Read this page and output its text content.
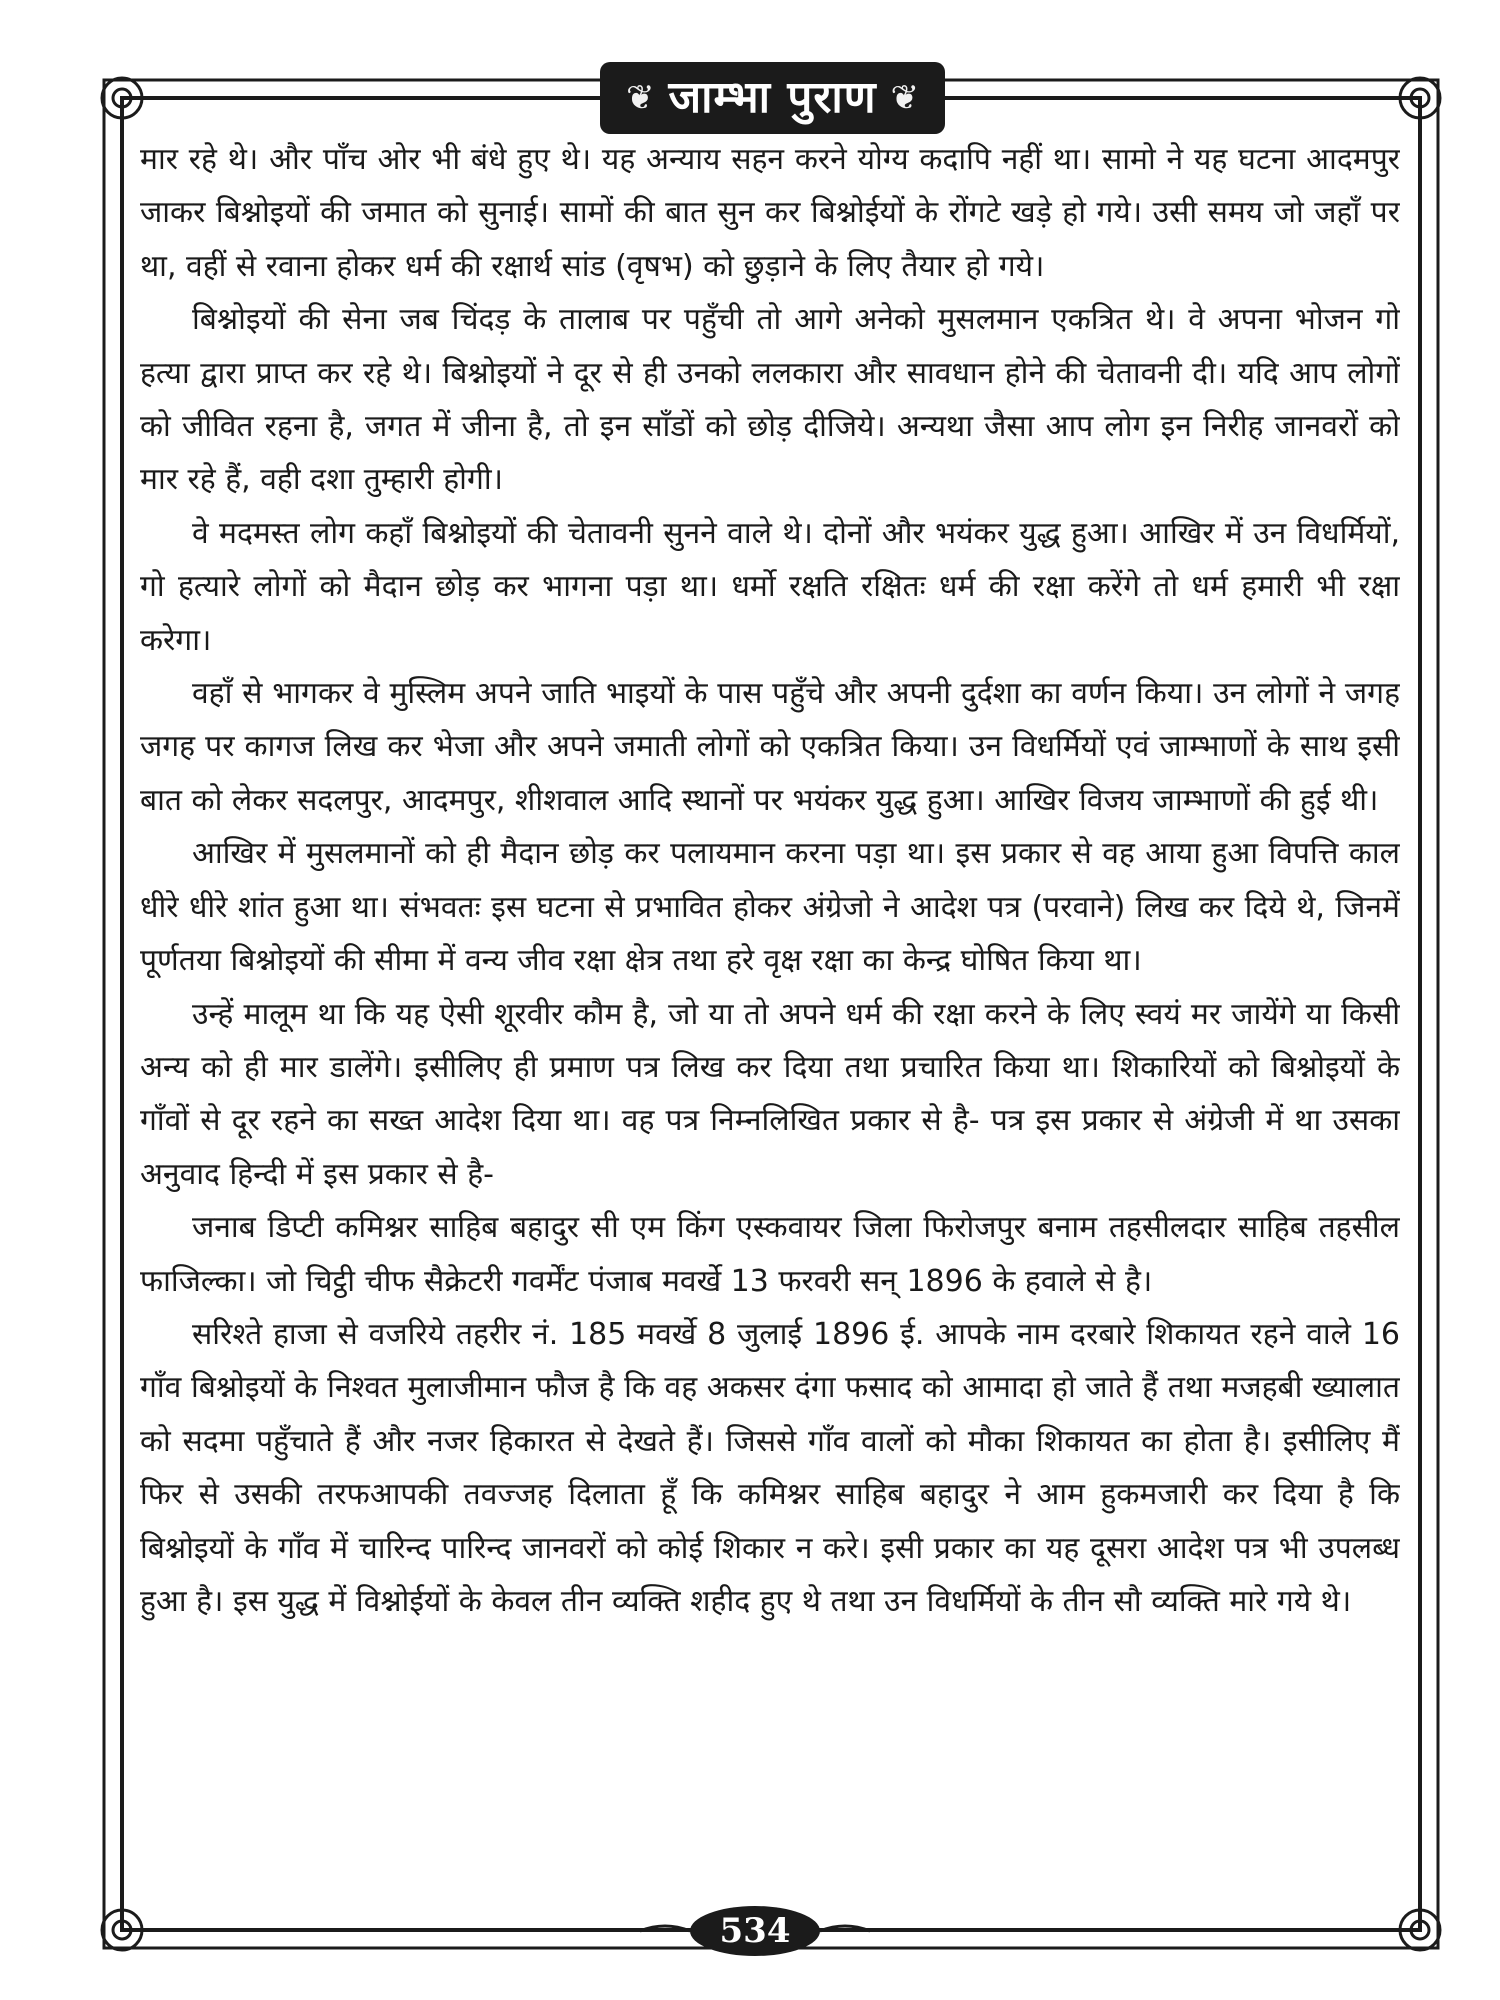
❦ जाम्भा पुराण ❦

मार रहे थे। और पाँच ओर भी बंधे हुए थे। यह अन्याय सहन करने योग्य कदापि नहीं था। सामो ने यह घटना आदमपुर जाकर बिश्नोइयों की जमात को सुनाई। सामों की बात सुन कर बिश्नोईयों के रोंगटे खड़े हो गये। उसी समय जो जहाँ पर था, वहीं से रवाना होकर धर्म की रक्षार्थ सांड (वृषभ) को छुड़ाने के लिए तैयार हो गये।

बिश्नोइयों की सेना जब चिंदड़ के तालाब पर पहुँची तो आगे अनेको मुसलमान एकत्रित थे। वे अपना भोजन गो हत्या द्वारा प्राप्त कर रहे थे। बिश्नोइयों ने दूर से ही उनको ललकारा और सावधान होने की चेतावनी दी। यदि आप लोगों को जीवित रहना है, जगत में जीना है, तो इन साँडों को छोड़ दीजिये। अन्यथा जैसा आप लोग इन निरीह जानवरों को मार रहे हैं, वही दशा तुम्हारी होगी।

वे मदमस्त लोग कहाँ बिश्नोइयों की चेतावनी सुनने वाले थे। दोनों और भयंकर युद्ध हुआ। आखिर में उन विधर्मियों, गो हत्यारे लोगों को मैदान छोड़ कर भागना पड़ा था। धर्मो रक्षति रक्षितः धर्म की रक्षा करेंगे तो धर्म हमारी भी रक्षा करेगा।

वहाँ से भागकर वे मुस्लिम अपने जाति भाइयों के पास पहुँचे और अपनी दुर्दशा का वर्णन किया। उन लोगों ने जगह जगह पर कागज लिख कर भेजा और अपने जमाती लोगों को एकत्रित किया। उन विधर्मियों एवं जाम्भाणों के साथ इसी बात को लेकर सदलपुर, आदमपुर, शीशवाल आदि स्थानों पर भयंकर युद्ध हुआ। आखिर विजय जाम्भाणों की हुई थी।

आखिर में मुसलमानों को ही मैदान छोड़ कर पलायमान करना पड़ा था। इस प्रकार से वह आया हुआ विपत्ति काल धीरे धीरे शांत हुआ था। संभवतः इस घटना से प्रभावित होकर अंग्रेजो ने आदेश पत्र (परवाने) लिख कर दिये थे, जिनमें पूर्णतया बिश्नोइयों की सीमा में वन्य जीव रक्षा क्षेत्र तथा हरे वृक्ष रक्षा का केन्द्र घोषित किया था।

उन्हें मालूम था कि यह ऐसी शूरवीर कौम है, जो या तो अपने धर्म की रक्षा करने के लिए स्वयं मर जायेंगे या किसी अन्य को ही मार डालेंगे। इसीलिए ही प्रमाण पत्र लिख कर दिया तथा प्रचारित किया था। शिकारियों को बिश्नोइयों के गाँवों से दूर रहने का सख्त आदेश दिया था। वह पत्र निम्नलिखित प्रकार से है- पत्र इस प्रकार से अंग्रेजी में था उसका अनुवाद हिन्दी में इस प्रकार से है-

जनाब डिप्टी कमिश्नर साहिब बहादुर सी एम किंग एस्कवायर जिला फिरोजपुर बनाम तहसीलदार साहिब तहसील फाजिल्का। जो चिट्ठी चीफ सैक्रेटरी गवर्मेंट पंजाब मवर्खे 13 फरवरी सन् 1896 के हवाले से है।

सरिश्ते हाजा से वजरिये तहरीर नं. 185 मवर्खे 8 जुलाई 1896 ई. आपके नाम दरबारे शिकायत रहने वाले 16 गाँव बिश्नोइयों के निश्वत मुलाजीमान फौज है कि वह अकसर दंगा फसाद को आमादा हो जाते हैं तथा मजहबी ख्यालात को सदमा पहुँचाते हैं और नजर हिकारत से देखते हैं। जिससे गाँव वालों को मौका शिकायत का होता है। इसीलिए मैं फिर से उसकी तरफआपकी तवज्जह दिलाता हूँ कि कमिश्नर साहिब बहादुर ने आम हुकमजारी कर दिया है कि बिश्नोइयों के गाँव में चारिन्द पारिन्द जानवरों को कोई शिकार न करे। इसी प्रकार का यह दूसरा आदेश पत्र भी उपलब्ध हुआ है। इस युद्ध में विश्नोईयों के केवल तीन व्यक्ति शहीद हुए थे तथा उन विधर्मियों के तीन सौ व्यक्ति मारे गये थे।

534
